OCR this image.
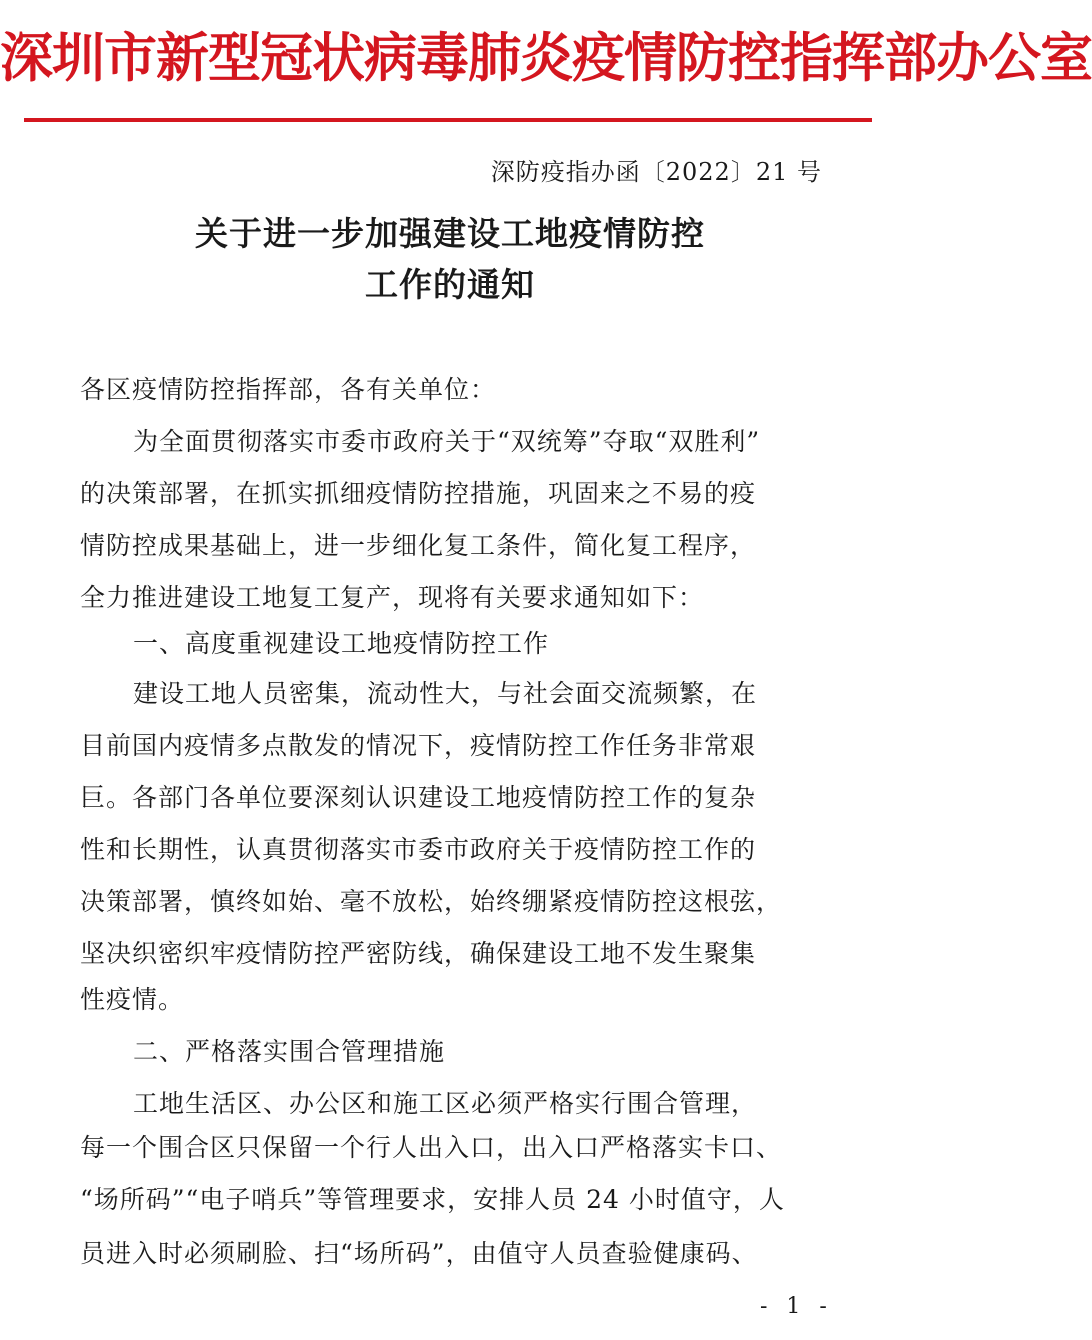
深圳市新型冠状病毒肺炎疫情防控指挥部办公室
深防疫指办函〔2022〕21 号
关于进一步加强建设工地疫情防控
工作的通知
各区疫情防控指挥部，各有关单位：
为全面贯彻落实市委市政府关于“双统筹”夺取“双胜利”
的决策部署，在抓实抓细疫情防控措施，巩固来之不易的疫
情防控成果基础上，进一步细化复工条件，简化复工程序，
全力推进建设工地复工复产，现将有关要求通知如下：
一、高度重视建设工地疫情防控工作
建设工地人员密集，流动性大，与社会面交流频繁，在
目前国内疫情多点散发的情况下，疫情防控工作任务非常艰
巨。各部门各单位要深刻认识建设工地疫情防控工作的复杂
性和长期性，认真贯彻落实市委市政府关于疫情防控工作的
决策部署，慎终如始、毫不放松，始终绷紧疫情防控这根弦，
坚决织密织牢疫情防控严密防线，确保建设工地不发生聚集
性疫情。
二、严格落实围合管理措施
工地生活区、办公区和施工区必须严格实行围合管理，
每一个围合区只保留一个行人出入口，出入口严格落实卡口、
“场所码”“电子哨兵”等管理要求，安排人员 24 小时值守，人
员进入时必须刷脸、扫“场所码”，由值守人员查验健康码、
- 1 -
